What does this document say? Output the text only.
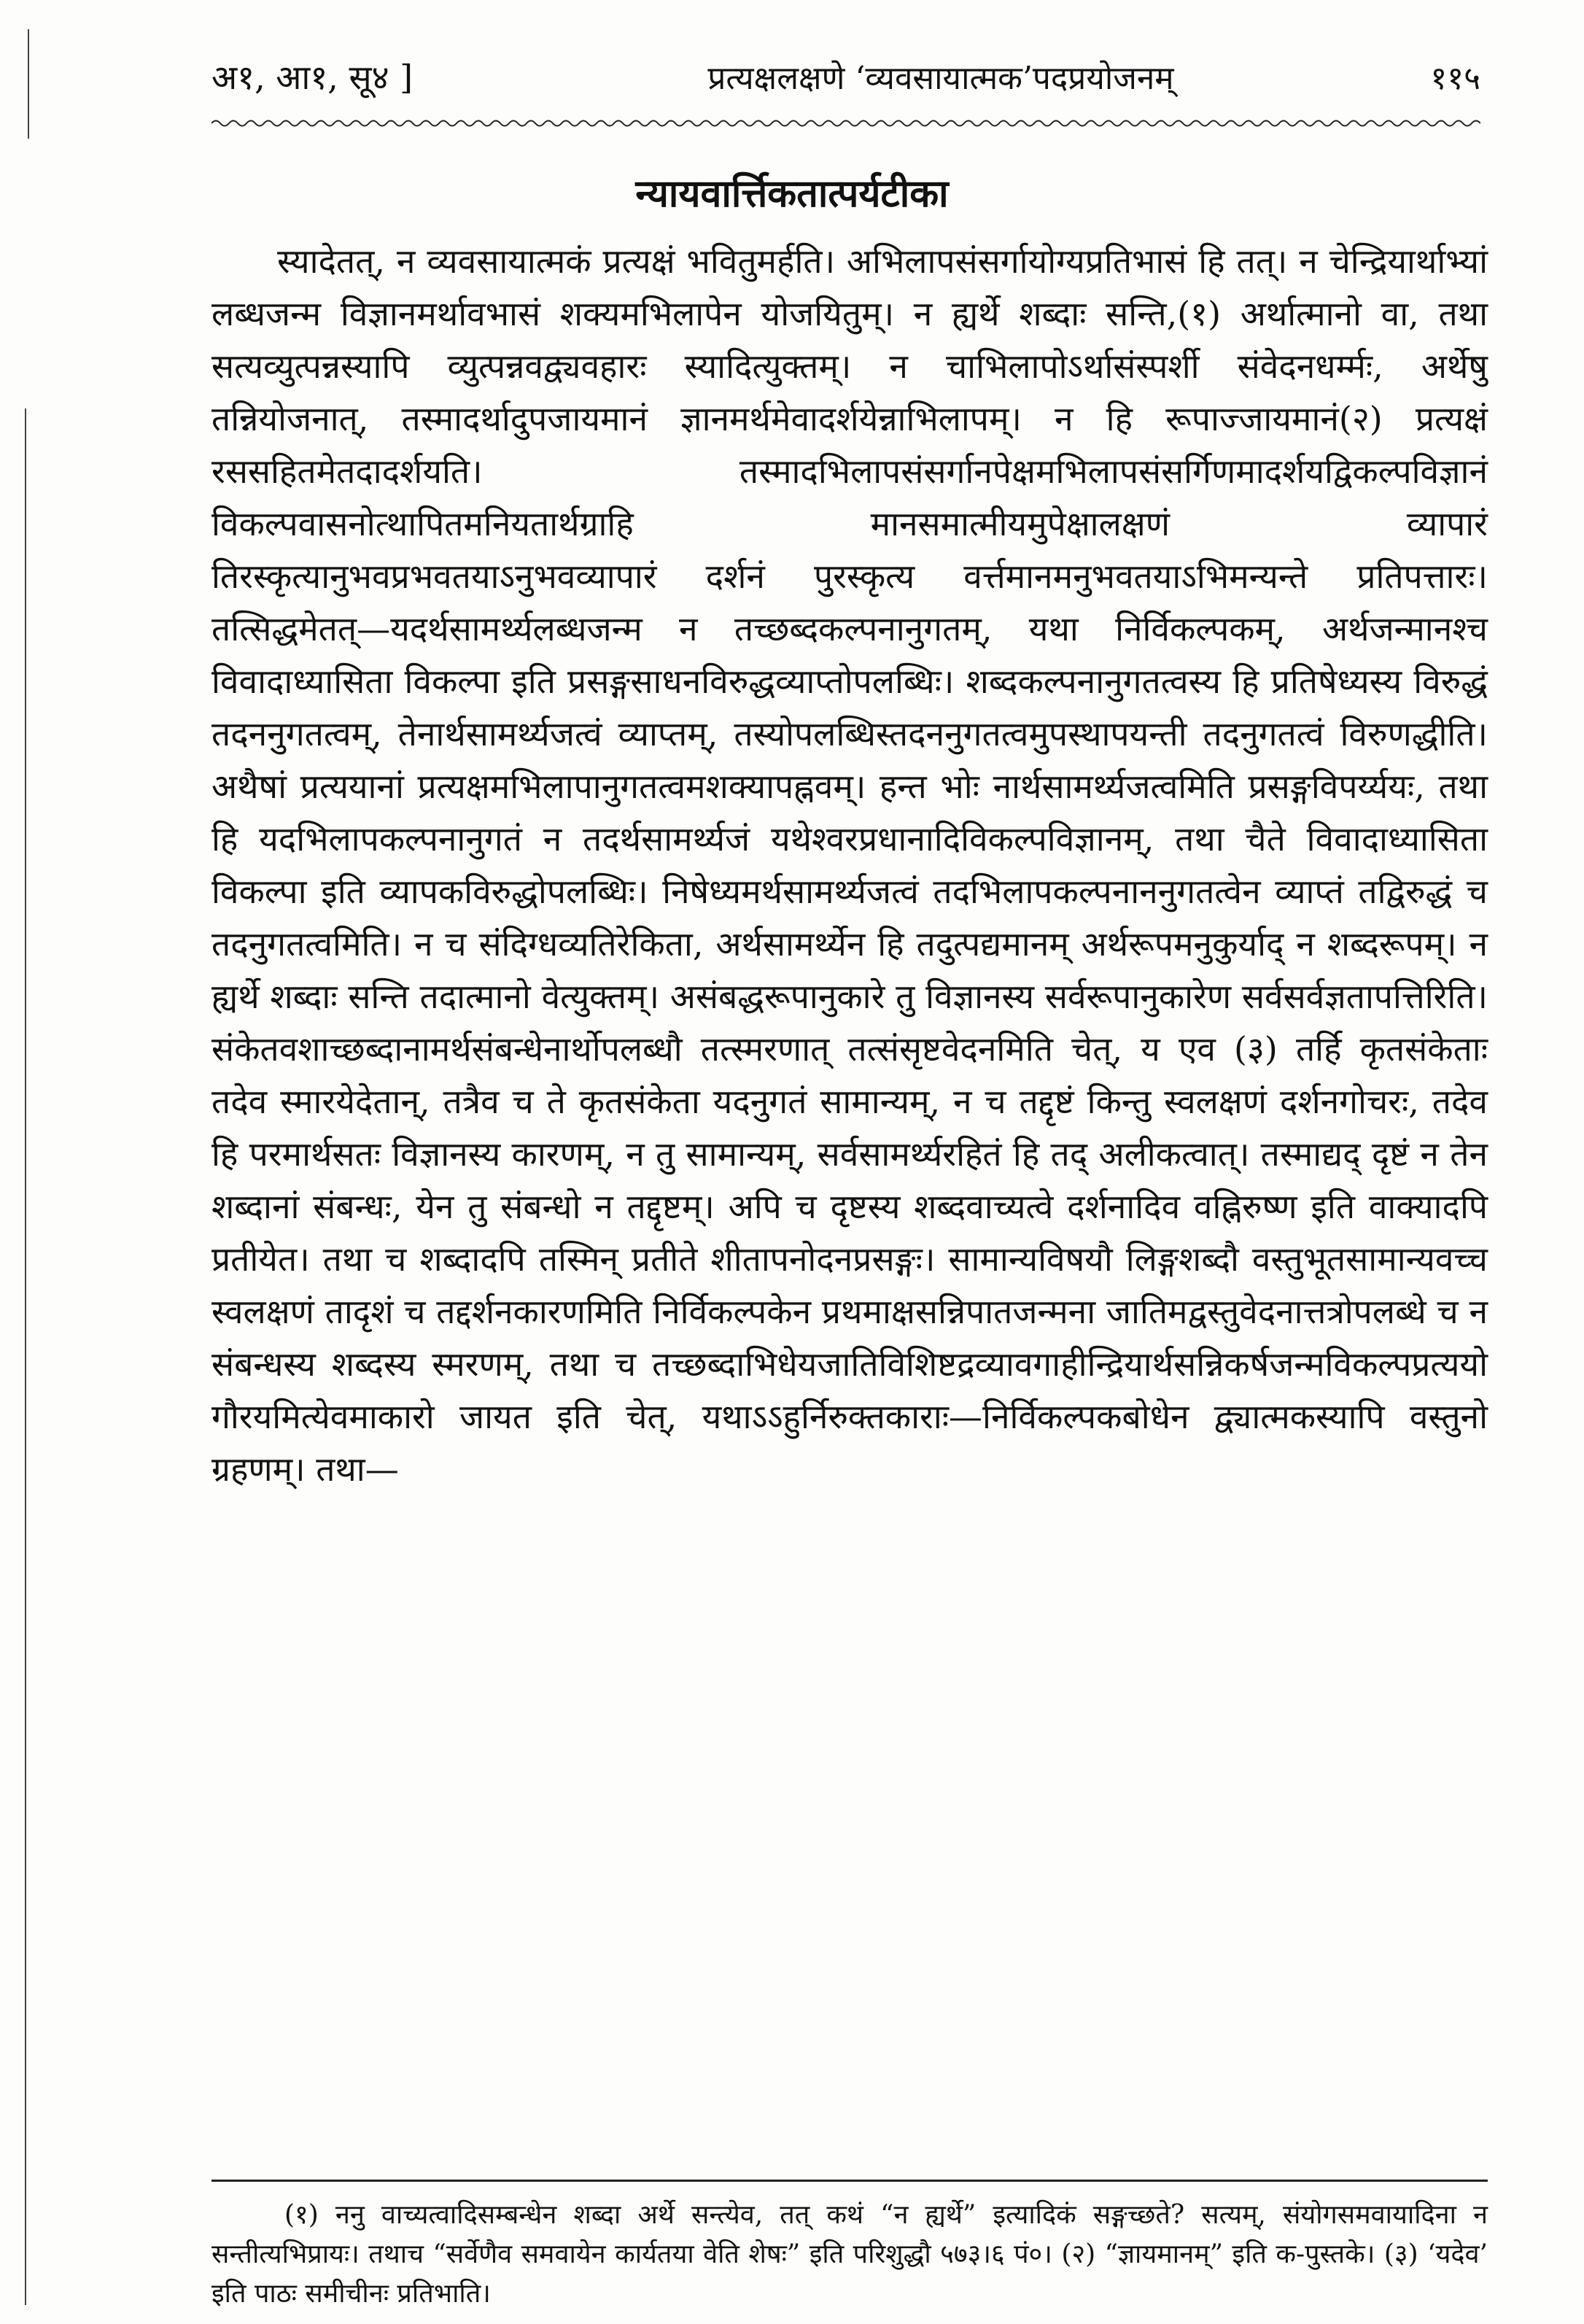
अ१, आ१, सू४ ]	प्रत्यक्षलक्षणे ‘व्यवसायात्मक’पदप्रयोजनम्	११५
न्यायवार्त्तिकतात्पर्यटीका

स्यादेतत्, न व्यवसायात्मकं प्रत्यक्षं भवितुमर्हति। अभिलापसंसर्गायोग्यप्रतिभासं हि तत्। न चेन्द्रियार्थाभ्यां लब्धजन्म विज्ञानमर्थावभासं शक्यमभिलापेन योजयितुम्। न ह्यर्थे शब्दाः सन्ति,(१) अर्थात्मानो वा, तथा सत्यव्युत्पन्नस्यापि व्युत्पन्नवद्व्यवहारः स्यादित्युक्तम्। न चाभिलापोऽर्थासंस्पर्शी संवेदनधर्म्मः, अर्थेषु तन्नियोजनात्, तस्मादर्थादुपजायमानं ज्ञानमर्थमेवादर्शयेन्नाभिलापम्। न हि रूपाज्जायमानं(२) प्रत्यक्षं रससहितमेतदादर्शयति। तस्मादभिलापसंसर्गानपेक्षमभिलापसंसर्गिणमादर्शयद्विकल्पविज्ञानं विकल्पवासनोत्थापितमनियतार्थग्राहि मानसमात्मीयमुपेक्षालक्षणं व्यापारं तिरस्कृत्यानुभवप्रभवतयाऽनुभवव्यापारं दर्शनं पुरस्कृत्य वर्त्तमानमनुभवतयाऽभिमन्यन्ते प्रतिपत्तारः। तत्सिद्धमेतत्—यदर्थसामर्थ्यलब्धजन्म न तच्छब्दकल्पनानुगतम्, यथा निर्विकल्पकम्, अर्थजन्मानश्च विवादाध्यासिता विकल्पा इति प्रसङ्गसाधनविरुद्धव्याप्तोपलब्धिः। शब्दकल्पनानुगतत्वस्य हि प्रतिषेध्यस्य विरुद्धं तदननुगतत्वम्, तेनार्थसामर्थ्यजत्वं व्याप्तम्, तस्योपलब्धिस्तदननुगतत्वमुपस्थापयन्ती तदनुगतत्वं विरुणद्धीति। अथैषां प्रत्ययानां प्रत्यक्षमभिलापानुगतत्वमशक्यापह्नवम्। हन्त भोः नार्थसामर्थ्यजत्वमिति प्रसङ्गविपर्य्ययः, तथा हि यदभिलापकल्पनानुगतं न तदर्थसामर्थ्यजं यथेश्वरप्रधानादिविकल्पविज्ञानम्, तथा चैते विवादाध्यासिता विकल्पा इति व्यापकविरुद्धोपलब्धिः। निषेध्यमर्थसामर्थ्यजत्वं तदभिलापकल्पनाननुगतत्वेन व्याप्तं तद्विरुद्धं च तदनुगतत्वमिति। न च संदिग्धव्यतिरेकिता, अर्थसामर्थ्येन हि तदुत्पद्यमानम् अर्थरूपमनुकुर्याद् न शब्दरूपम्। न ह्यर्थे शब्दाः सन्ति तदात्मानो वेत्युक्तम्। असंबद्धरूपानुकारे तु विज्ञानस्य सर्वरूपानुकारेण सर्वसर्वज्ञतापत्तिरिति। संकेतवशाच्छब्दानामर्थसंबन्धेनार्थोपलब्धौ तत्स्मरणात् तत्संसृष्टवेदनमिति चेत्, य एव (३) तर्हि कृतसंकेताः तदेव स्मारयेदेतान्, तत्रैव च ते कृतसंकेता यदनुगतं सामान्यम्, न च तद्दृष्टं किन्तु स्वलक्षणं दर्शनगोचरः, तदेव हि परमार्थसतः विज्ञानस्य कारणम्, न तु सामान्यम्, सर्वसामर्थ्यरहितं हि तद् अलीकत्वात्। तस्माद्यद् दृष्टं न तेन शब्दानां संबन्धः, येन तु संबन्धो न तद्दृष्टम्। अपि च दृष्टस्य शब्दवाच्यत्वे दर्शनादिव वह्निरुष्ण इति वाक्यादपि प्रतीयेत। तथा च शब्दादपि तस्मिन् प्रतीते शीतापनोदनप्रसङ्गः। सामान्यविषयौ लिङ्गशब्दौ वस्तुभूतसामान्यवच्च स्वलक्षणं तादृशं च तद्दर्शनकारणमिति निर्विकल्पकेन प्रथमाक्षसन्निपातजन्मना जातिमद्वस्तुवेदनात्तत्रोपलब्धे च न संबन्धस्य शब्दस्य स्मरणम्, तथा च तच्छब्दाभिधेयजातिविशिष्टद्रव्यावगाहीन्द्रियार्थसन्निकर्षजन्मविकल्पप्रत्ययो गौरयमित्येवमाकारो जायत इति चेत्, यथाऽऽहुर्निरुक्तकाराः—निर्विकल्पकबोधेन द्व्यात्मकस्यापि वस्तुनो ग्रहणम्। तथा—

(१) ननु वाच्यत्वादिसम्बन्धेन शब्दा अर्थे सन्त्येव, तत् कथं “न ह्यर्थे” इत्यादिकं सङ्गच्छते? सत्यम्, संयोगसमवायादिना न सन्तीत्यभिप्रायः। तथाच “सर्वेणैव समवायेन कार्यतया वेति शेषः” इति परिशुद्धौ ५७३।६ पं०। (२) “ज्ञायमानम्” इति क-पुस्तके। (३) ‘यदेव’ इति पाठः समीचीनः प्रतिभाति।
